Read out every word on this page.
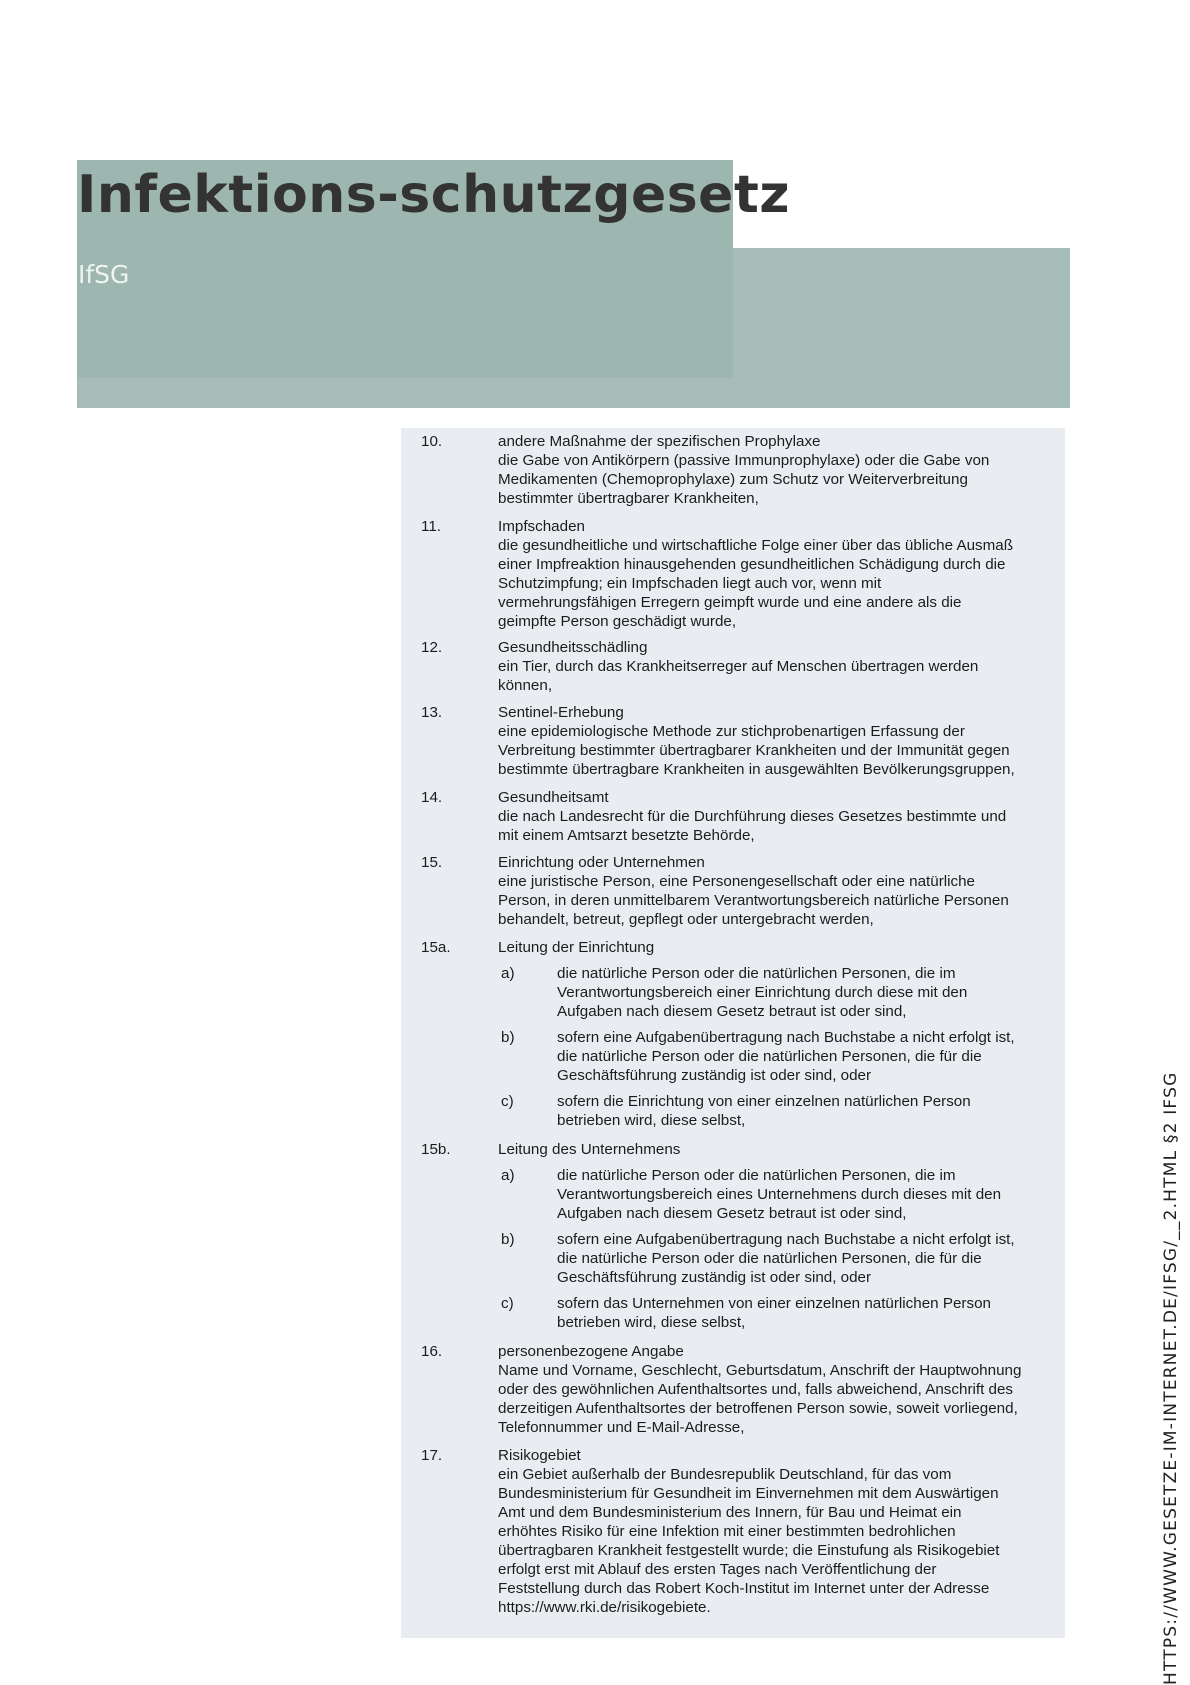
Infektions-schutzgesetz

IfSG

10.	andere Maßnahme der spezifischen Prophylaxe
die Gabe von Antikörpern (passive Immunprophylaxe) oder die Gabe von
Medikamenten (Chemoprophylaxe) zum Schutz vor Weiterverbreitung
bestimmter übertragbarer Krankheiten,
11.	Impfschaden
die gesundheitliche und wirtschaftliche Folge einer über das übliche Ausmaß
einer Impfreaktion hinausgehenden gesundheitlichen Schädigung durch die
Schutzimpfung; ein Impfschaden liegt auch vor, wenn mit
vermehrungsfähigen Erregern geimpft wurde und eine andere als die
geimpfte Person geschädigt wurde,
12.	Gesundheitsschädling
ein Tier, durch das Krankheitserreger auf Menschen übertragen werden
können,
13.	Sentinel-Erhebung
eine epidemiologische Methode zur stichprobenartigen Erfassung der
Verbreitung bestimmter übertragbarer Krankheiten und der Immunität gegen
bestimmte übertragbare Krankheiten in ausgewählten Bevölkerungsgruppen,
14.	Gesundheitsamt
die nach Landesrecht für die Durchführung dieses Gesetzes bestimmte und
mit einem Amtsarzt besetzte Behörde,
15.	Einrichtung oder Unternehmen
eine juristische Person, eine Personengesellschaft oder eine natürliche
Person, in deren unmittelbarem Verantwortungsbereich natürliche Personen
behandelt, betreut, gepflegt oder untergebracht werden,
15a.	Leitung der Einrichtung
a)	die natürliche Person oder die natürlichen Personen, die im
Verantwortungsbereich einer Einrichtung durch diese mit den
Aufgaben nach diesem Gesetz betraut ist oder sind,
b)	sofern eine Aufgabenübertragung nach Buchstabe a nicht erfolgt ist,
die natürliche Person oder die natürlichen Personen, die für die
Geschäftsführung zuständig ist oder sind, oder
c)	sofern die Einrichtung von einer einzelnen natürlichen Person
betrieben wird, diese selbst,
15b.	Leitung des Unternehmens
a)	die natürliche Person oder die natürlichen Personen, die im
Verantwortungsbereich eines Unternehmens durch dieses mit den
Aufgaben nach diesem Gesetz betraut ist oder sind,
b)	sofern eine Aufgabenübertragung nach Buchstabe a nicht erfolgt ist,
die natürliche Person oder die natürlichen Personen, die für die
Geschäftsführung zuständig ist oder sind, oder
c)	sofern das Unternehmen von einer einzelnen natürlichen Person
betrieben wird, diese selbst,
16.	personenbezogene Angabe
Name und Vorname, Geschlecht, Geburtsdatum, Anschrift der Hauptwohnung
oder des gewöhnlichen Aufenthaltsortes und, falls abweichend, Anschrift des
derzeitigen Aufenthaltsortes der betroffenen Person sowie, soweit vorliegend,
Telefonnummer und E-Mail-Adresse,
17.	Risikogebiet
ein Gebiet außerhalb der Bundesrepublik Deutschland, für das vom
Bundesministerium für Gesundheit im Einvernehmen mit dem Auswärtigen
Amt und dem Bundesministerium des Innern, für Bau und Heimat ein
erhöhtes Risiko für eine Infektion mit einer bestimmten bedrohlichen
übertragbaren Krankheit festgestellt wurde; die Einstufung als Risikogebiet
erfolgt erst mit Ablauf des ersten Tages nach Veröffentlichung der
Feststellung durch das Robert Koch-Institut im Internet unter der Adresse
https://www.rki.de/risikogebiete.	HTTPS://WWW.GESETZE-IM-INTERNET.DE/IFSG/__2.HTML §2 IFSG
